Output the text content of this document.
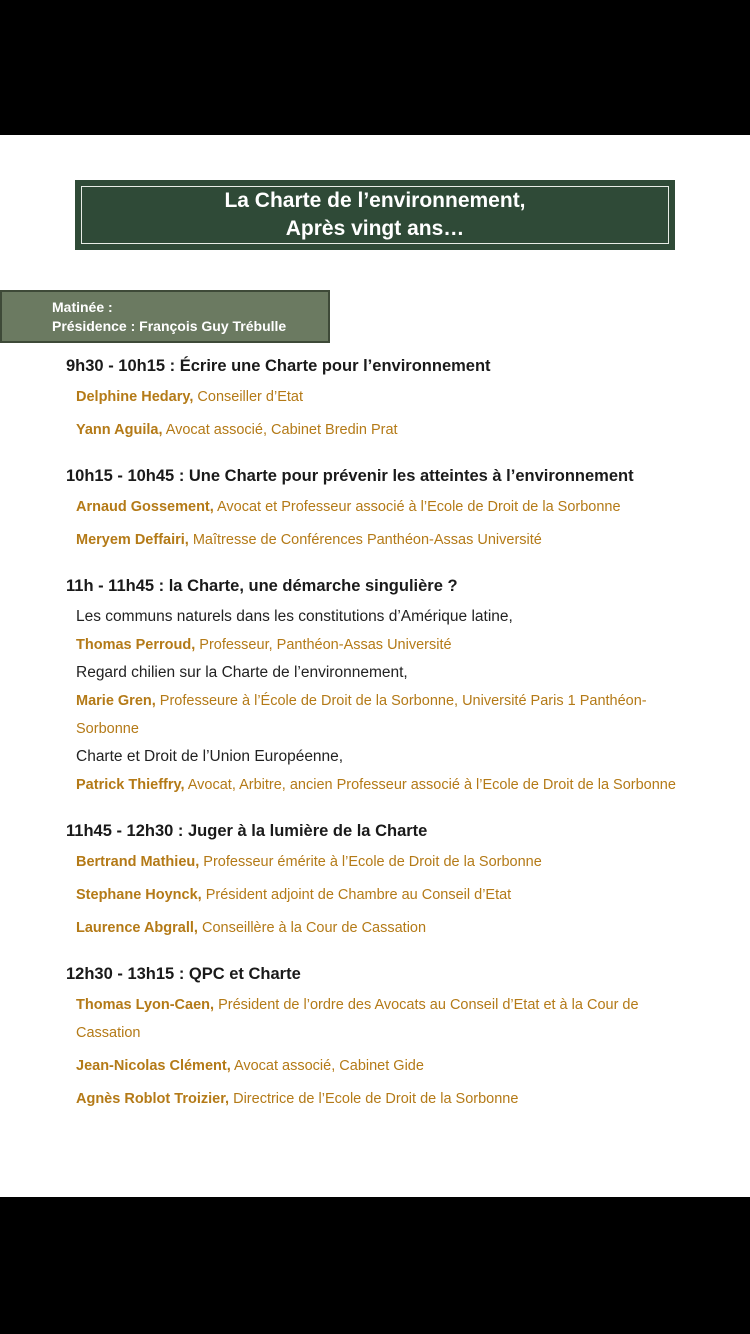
La Charte de l’environnement,
Après vingt ans…
Matinée :
Présidence : François Guy Trébulle
9h30 - 10h15 : Écrire une Charte pour l’environnement
Delphine Hedary, Conseiller d’Etat
Yann Aguila, Avocat associé, Cabinet Bredin Prat
10h15 - 10h45 : Une Charte pour prévenir les atteintes à l’environnement
Arnaud Gossement, Avocat et Professeur associé à l’Ecole de Droit de la Sorbonne
Meryem Deffairi, Maîtresse de Conférences Panthéon-Assas Université
11h - 11h45 : la Charte, une démarche singulière ?
Les communs naturels dans les constitutions d’Amérique latine,
Thomas Perroud, Professeur, Panthéon-Assas Université
Regard chilien sur la Charte de l’environnement,
Marie Gren, Professeure à l’École de Droit de la Sorbonne, Université Paris 1 Panthéon-Sorbonne
Charte et Droit de l’Union Européenne,
Patrick Thieffry, Avocat, Arbitre, ancien Professeur associé à l’Ecole de Droit de la Sorbonne
11h45 - 12h30 : Juger à la lumière de la Charte
Bertrand Mathieu, Professeur émérite à l’Ecole de Droit de la Sorbonne
Stephane Hoynck, Président adjoint de Chambre au Conseil d’Etat
Laurence Abgrall, Conseillère à la Cour de Cassation
12h30 - 13h15 : QPC et Charte
Thomas Lyon-Caen, Président de l’ordre des Avocats au Conseil d’Etat et à la Cour de Cassation
Jean-Nicolas Clément, Avocat associé, Cabinet Gide
Agnès Roblot Troizier, Directrice de l’Ecole de Droit de la Sorbonne
